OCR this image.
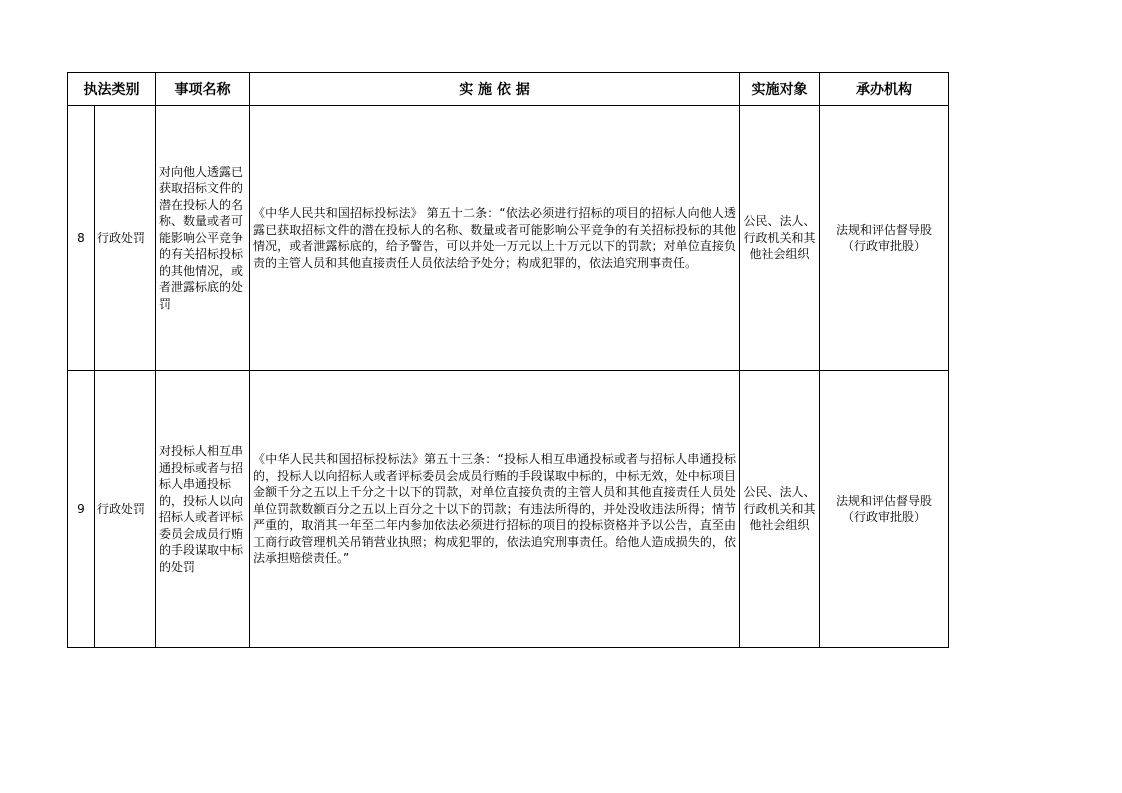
执法类别		事项名称	实 施 依 据	实施对象	承办机构
8	行政处罚	对向他人透露已获取招标文件的潜在投标人的名称、数量或者可能影响公平竞争的有关招标投标的其他情况，或者泄露标底的处罚	《中华人民共和国招标投标法》 第五十二条：“依法必须进行招标的项目的招标人向他人透露已获取招标文件的潜在投标人的名称、数量或者可能影响公平竞争的有关招标投标的其他情况，或者泄露标底的，给予警告，可以并处一万元以上十万元以下的罚款；对单位直接负责的主管人员和其他直接责任人员依法给予处分；构成犯罪的，依法追究刑事责任。	公民、法人、行政机关和其他社会组织	法规和评估督导股
（行政审批股）

9	行政处罚	对投标人相互串通投标或者与招标人串通投标的，投标人以向招标人或者评标委员会成员行贿的手段谋取中标的处罚	《中华人民共和国招标投标法》第五十三条：“投标人相互串通投标或者与招标人串通投标的，投标人以向招标人或者评标委员会成员行贿的手段谋取中标的，中标无效，处中标项目金额千分之五以上千分之十以下的罚款，对单位直接负责的主管人员和其他直接责任人员处单位罚款数额百分之五以上百分之十以下的罚款；有违法所得的，并处没收违法所得；情节严重的，取消其一年至二年内参加依法必须进行招标的项目的投标资格并予以公告，直至由工商行政管理机关吊销营业执照；构成犯罪的，依法追究刑事责任。给他人造成损失的，依法承担赔偿责任。”	公民、法人、行政机关和其他社会组织	法规和评估督导股
（行政审批股）
